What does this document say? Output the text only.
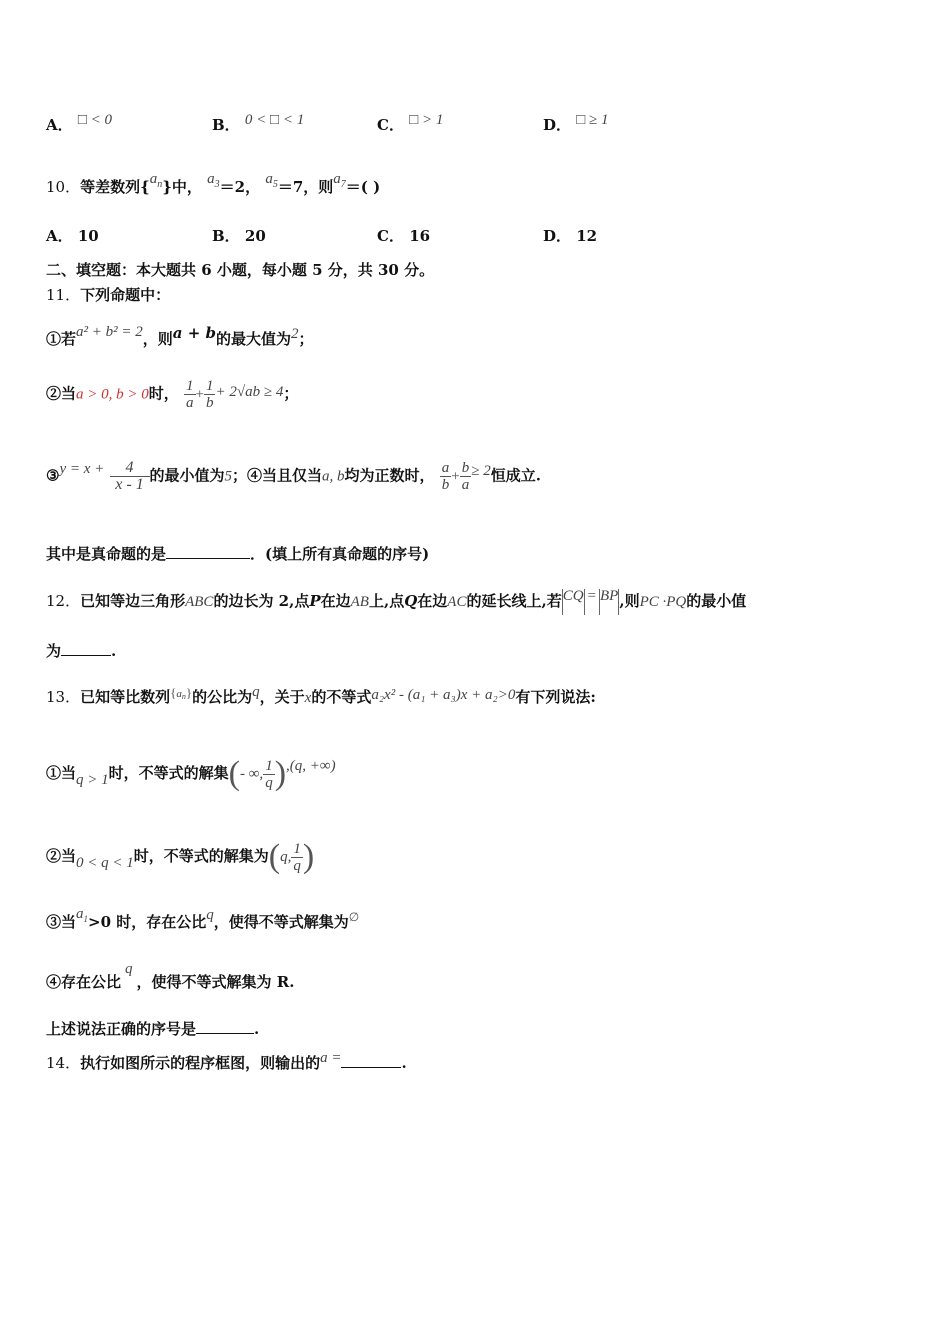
A． □ < 0	B． 0 < □ < 1	C． □ > 1	D． □ ≥ 1
10．等差数列$\{a^n\}$中， $a^3=2$， $a^5=7$，则$a^7=$( )
A． 10	B． 20	C． 16	D． 12
二、填空题：本大题共 6 小题，每小题 5 分，共 30 分。
11．下列命题中：
①若a² + b² = 2，则a + b的最大值为2；
②当a > 0, b > 0时， $\frac{1}{a} + \frac{1}{b} + 2√ab \ge 4$；
③y = $x + \frac{4}{x - 1}$ 的最小值为5；④当且仅当a, b均为正数时， $\frac{a}{b} + \frac{b}{a} \ge 2$恒成立.
其中是真命题的是	．(填上所有真命题的序号)
12．已知等边三角形ABC的边长为 2,点P在边AB上,点Q在边AC的延长线上,若CQ = BP,则PC ·PQ的最小值
为	.
13．已知等比数列{$^{an}$}的公比为q，关于x的不等式a₂x² - (a₁ + a₃)x + a₂>0有下列说法:
①当q > 1时，不等式的解集(- ∞, $\frac{1}{q} ),(q$, +∞)
②当0 < q < 1时，不等式的解集为(q, $\frac{1}{q}$ )
③当$a^1>0$ 时，存在公比q，使得不等式解集为∅
④存在公比q，使得不等式解集为 R.
上述说法正确的序号是	.
14．执行如图所示的程序框图，则输出的a =	.
